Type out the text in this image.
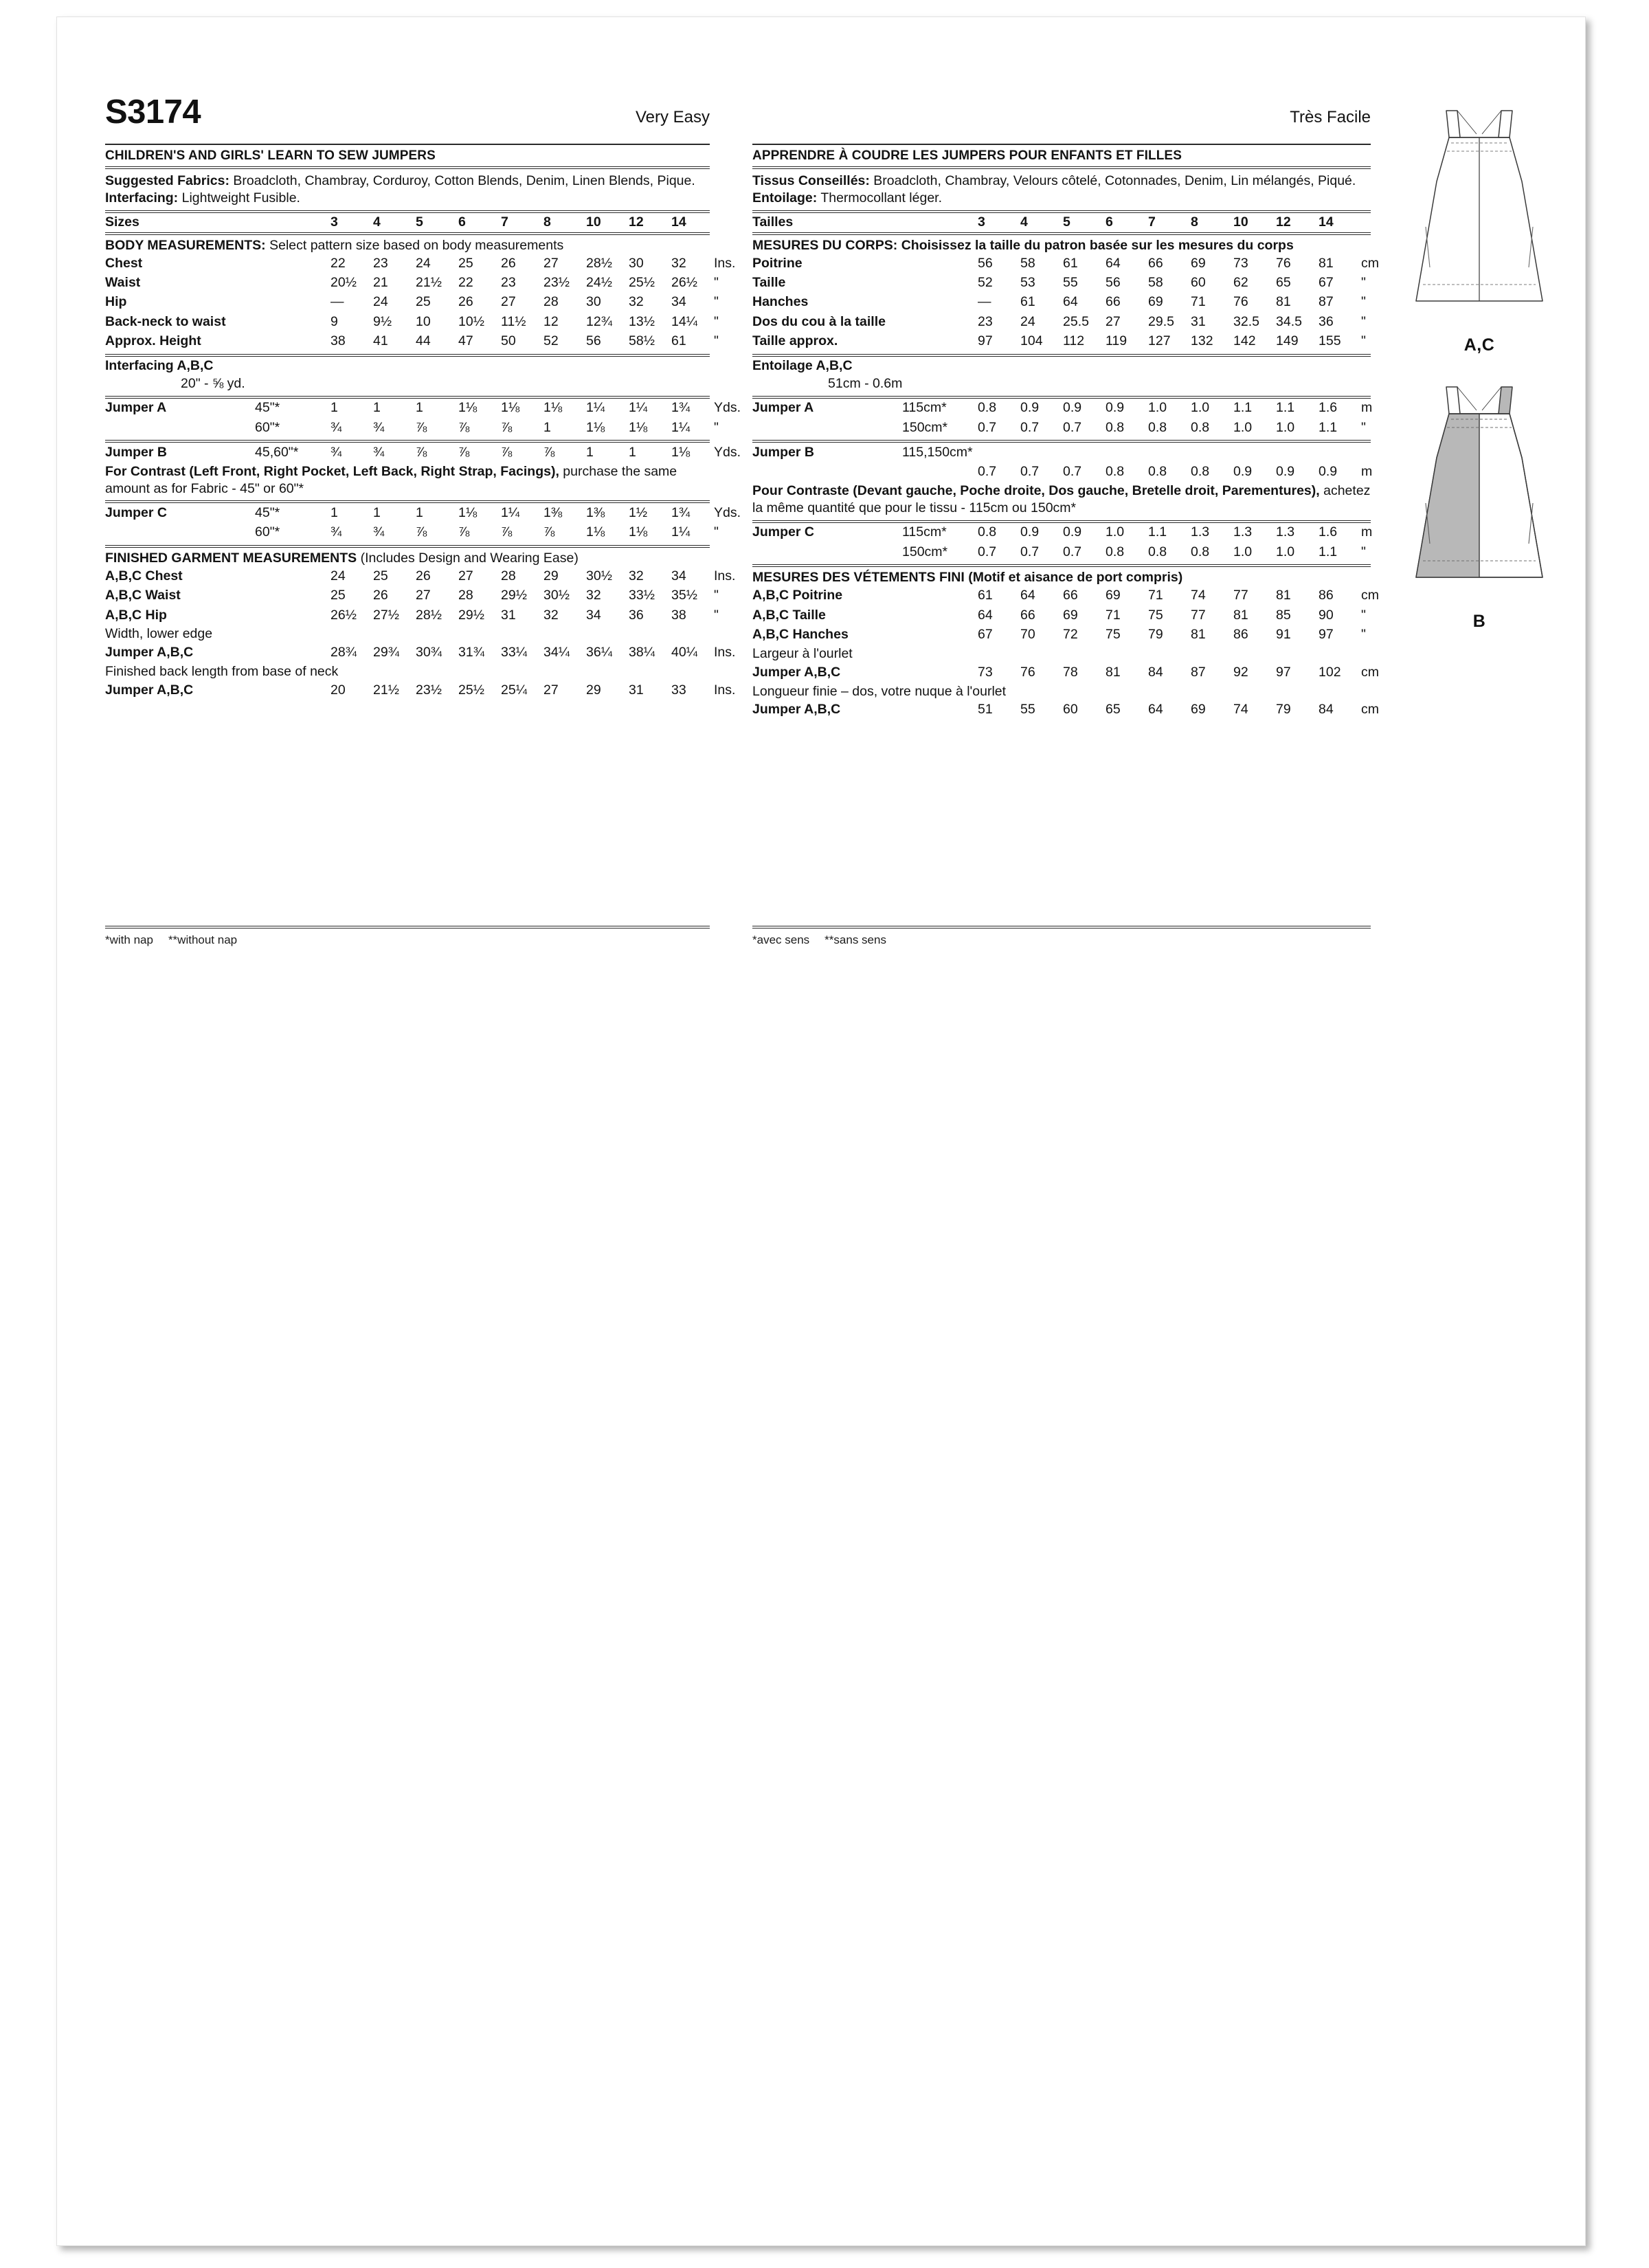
S3174	Very Easy
CHILDREN'S AND GIRLS' LEARN TO SEW JUMPERS
Suggested Fabrics: Broadcloth, Chambray, Corduroy, Cotton Blends, Denim, Linen Blends, Pique. Interfacing: Lightweight Fusible.
Sizes		3	4	5	6	7	8	10	12	14	
BODY MEASUREMENTS: Select pattern size based on body measurements
Chest		22	23	24	25	26	27	28½	30	32	Ins.
Waist		20½	21	21½	22	23	23½	24½	25½	26½	"
Hip		—	24	25	26	27	28	30	32	34	"
Back-neck to waist		9	9½	10	10½	11½	12	12¾	13½	14¼	"
Approx. Height		38	41	44	47	50	52	56	58½	61	"
Interfacing A,B,C
20" - ⅝ yd.
Jumper A	45"*	1	1	1	1⅛	1⅛	1⅛	1¼	1¼	1¾	Yds.
	60"*	¾	¾	⅞	⅞	⅞	1	1⅛	1⅛	1¼	"
Jumper B	45,60"*	¾	¾	⅞	⅞	⅞	⅞	1	1	1⅛	Yds.
For Contrast (Left Front, Right Pocket, Left Back, Right Strap, Facings), purchase the same amount as for Fabric - 45" or 60"*
Jumper C	45"*	1	1	1	1⅛	1¼	1⅜	1⅜	1½	1¾	Yds.
	60"*	¾	¾	⅞	⅞	⅞	⅞	1⅛	1⅛	1¼	"
FINISHED GARMENT MEASUREMENTS (Includes Design and Wearing Ease)
A,B,C Chest		24	25	26	27	28	29	30½	32	34	Ins.
A,B,C Waist		25	26	27	28	29½	30½	32	33½	35½	"
A,B,C Hip		26½	27½	28½	29½	31	32	34	36	38	"
Width, lower edge
Jumper A,B,C		28¾	29¾	30¾	31¾	33¼	34¼	36¼	38¼	40¼	Ins.
Finished back length from base of neck
Jumper A,B,C		20	21½	23½	25½	25¼	27	29	31	33	Ins.
Très Facile
APPRENDRE À COUDRE LES JUMPERS POUR ENFANTS ET FILLES
Tissus Conseillés: Broadcloth, Chambray, Velours côtelé, Cotonnades, Denim, Lin mélangés, Piqué. Entoilage: Thermocollant léger.
Tailles		3	4	5	6	7	8	10	12	14	
MESURES DU CORPS: Choisissez la taille du patron basée sur les mesures du corps
Poitrine		56	58	61	64	66	69	73	76	81	cm
Taille		52	53	55	56	58	60	62	65	67	"
Hanches		—	61	64	66	69	71	76	81	87	"
Dos du cou à la taille		23	24	25.5	27	29.5	31	32.5	34.5	36	"
Taille approx.		97	104	112	119	127	132	142	149	155	"
Entoilage A,B,C
51cm - 0.6m
Jumper A	115cm*	0.8	0.9	0.9	0.9	1.0	1.0	1.1	1.1	1.6	m
	150cm*	0.7	0.7	0.7	0.8	0.8	0.8	1.0	1.0	1.1	"
Jumper B	115,150cm*										
		0.7	0.7	0.7	0.8	0.8	0.8	0.9	0.9	0.9	m
Pour Contraste (Devant gauche, Poche droite, Dos gauche, Bretelle droit, Parementures), achetez la même quantité que pour le tissu - 115cm ou 150cm*
Jumper C	115cm*	0.8	0.9	0.9	1.0	1.1	1.3	1.3	1.3	1.6	m
	150cm*	0.7	0.7	0.7	0.8	0.8	0.8	1.0	1.0	1.1	"
MESURES DES VÉTEMENTS FINI (Motif et aisance de port compris)
A,B,C Poitrine		61	64	66	69	71	74	77	81	86	cm
A,B,C Taille		64	66	69	71	75	77	81	85	90	"
A,B,C Hanches		67	70	72	75	79	81	86	91	97	"
Largeur à l'ourlet
Jumper A,B,C		73	76	78	81	84	87	92	97	102	cm
Longueur finie – dos, votre nuque à l'ourlet
Jumper A,B,C		51	55	60	65	64	69	74	79	84	cm
*with nap **without nap	*avec sens **sans sens
A,C
B
